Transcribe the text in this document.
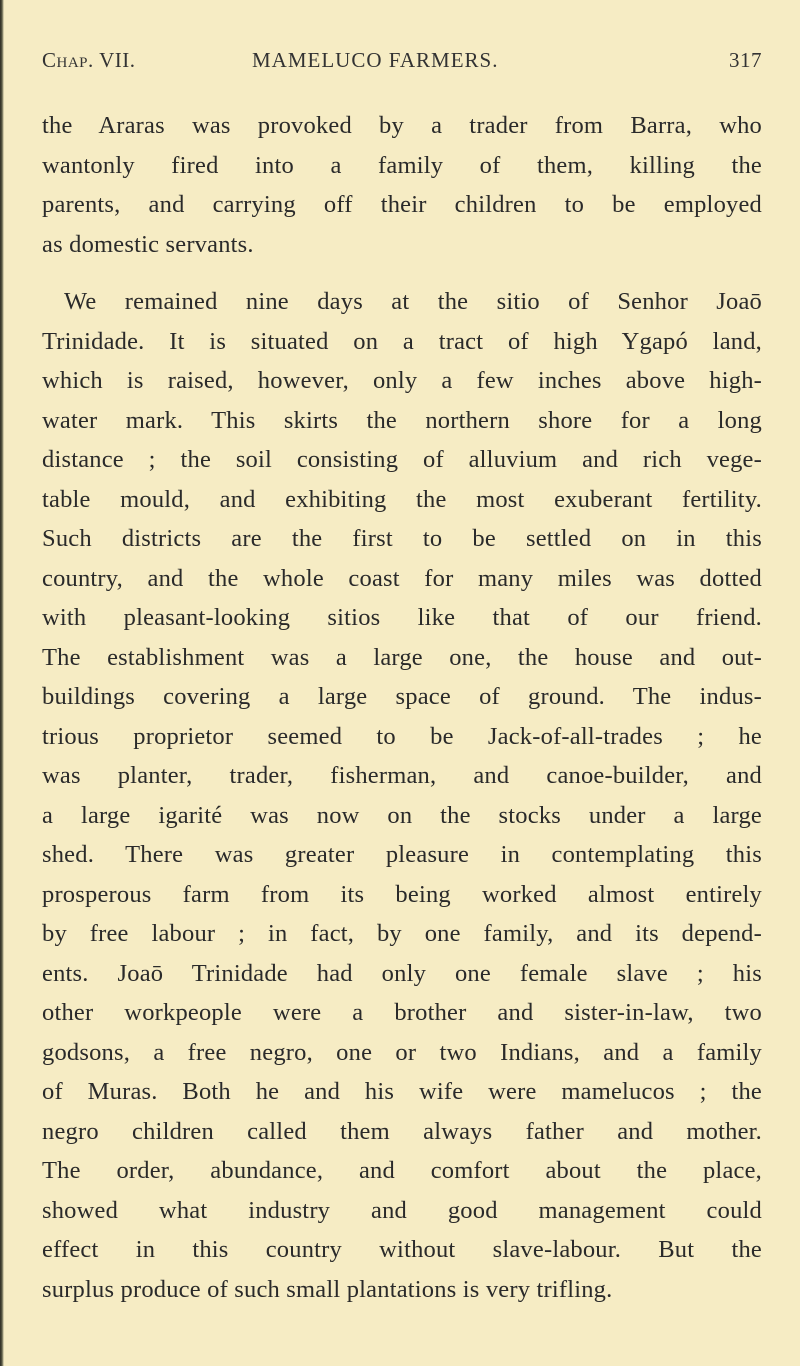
Chap. VII.	MAMELUCO FARMERS.	317

the Araras was provoked by a trader from Barra, who
wantonly fired into a family of them, killing the
parents, and carrying off their children to be employed
as domestic servants.

We remained nine days at the sitio of Senhor Joaō
Trinidade. It is situated on a tract of high Ygapó land,
which is raised, however, only a few inches above high-
water mark. This skirts the northern shore for a long
distance ; the soil consisting of alluvium and rich vege-
table mould, and exhibiting the most exuberant fertility.
Such districts are the first to be settled on in this
country, and the whole coast for many miles was dotted
with pleasant-looking sitios like that of our friend.
The establishment was a large one, the house and out-
buildings covering a large space of ground. The indus-
trious proprietor seemed to be Jack-of-all-trades ; he
was planter, trader, fisherman, and canoe-builder, and
a large igarité was now on the stocks under a large
shed. There was greater pleasure in contemplating this
prosperous farm from its being worked almost entirely
by free labour ; in fact, by one family, and its depend-
ents. Joaō Trinidade had only one female slave ; his
other workpeople were a brother and sister-in-law, two
godsons, a free negro, one or two Indians, and a family
of Muras. Both he and his wife were mamelucos ; the
negro children called them always father and mother.
The order, abundance, and comfort about the place,
showed what industry and good management could
effect in this country without slave-labour. But the
surplus produce of such small plantations is very trifling.
